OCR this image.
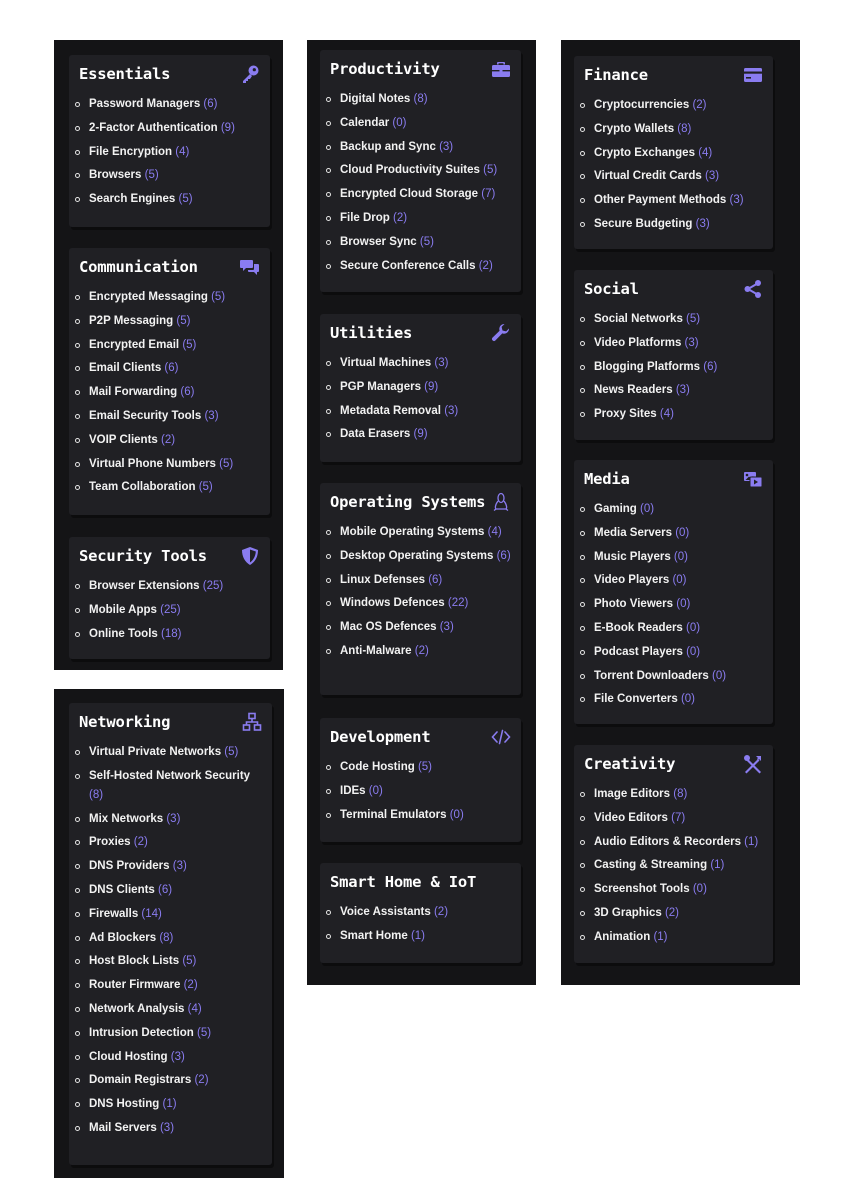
Essentials
Password Managers (6)
2-Factor Authentication (9)
File Encryption (4)
Browsers (5)
Search Engines (5)
Communication
Encrypted Messaging (5)
P2P Messaging (5)
Encrypted Email (5)
Email Clients (6)
Mail Forwarding (6)
Email Security Tools (3)
VOIP Clients (2)
Virtual Phone Numbers (5)
Team Collaboration (5)
Security Tools
Browser Extensions (25)
Mobile Apps (25)
Online Tools (18)
Networking
Virtual Private Networks (5)
Self-Hosted Network Security (8)
Mix Networks (3)
Proxies (2)
DNS Providers (3)
DNS Clients (6)
Firewalls (14)
Ad Blockers (8)
Host Block Lists (5)
Router Firmware (2)
Network Analysis (4)
Intrusion Detection (5)
Cloud Hosting (3)
Domain Registrars (2)
DNS Hosting (1)
Mail Servers (3)
Productivity
Digital Notes (8)
Calendar (0)
Backup and Sync (3)
Cloud Productivity Suites (5)
Encrypted Cloud Storage (7)
File Drop (2)
Browser Sync (5)
Secure Conference Calls (2)
Utilities
Virtual Machines (3)
PGP Managers (9)
Metadata Removal (3)
Data Erasers (9)
Operating Systems
Mobile Operating Systems (4)
Desktop Operating Systems (6)
Linux Defenses (6)
Windows Defences (22)
Mac OS Defences (3)
Anti-Malware (2)
Development
Code Hosting (5)
IDEs (0)
Terminal Emulators (0)
Smart Home & IoT
Voice Assistants (2)
Smart Home (1)
Finance
Cryptocurrencies (2)
Crypto Wallets (8)
Crypto Exchanges (4)
Virtual Credit Cards (3)
Other Payment Methods (3)
Secure Budgeting (3)
Social
Social Networks (5)
Video Platforms (3)
Blogging Platforms (6)
News Readers (3)
Proxy Sites (4)
Media
Gaming (0)
Media Servers (0)
Music Players (0)
Video Players (0)
Photo Viewers (0)
E-Book Readers (0)
Podcast Players (0)
Torrent Downloaders (0)
File Converters (0)
Creativity
Image Editors (8)
Video Editors (7)
Audio Editors & Recorders (1)
Casting & Streaming (1)
Screenshot Tools (0)
3D Graphics (2)
Animation (1)
